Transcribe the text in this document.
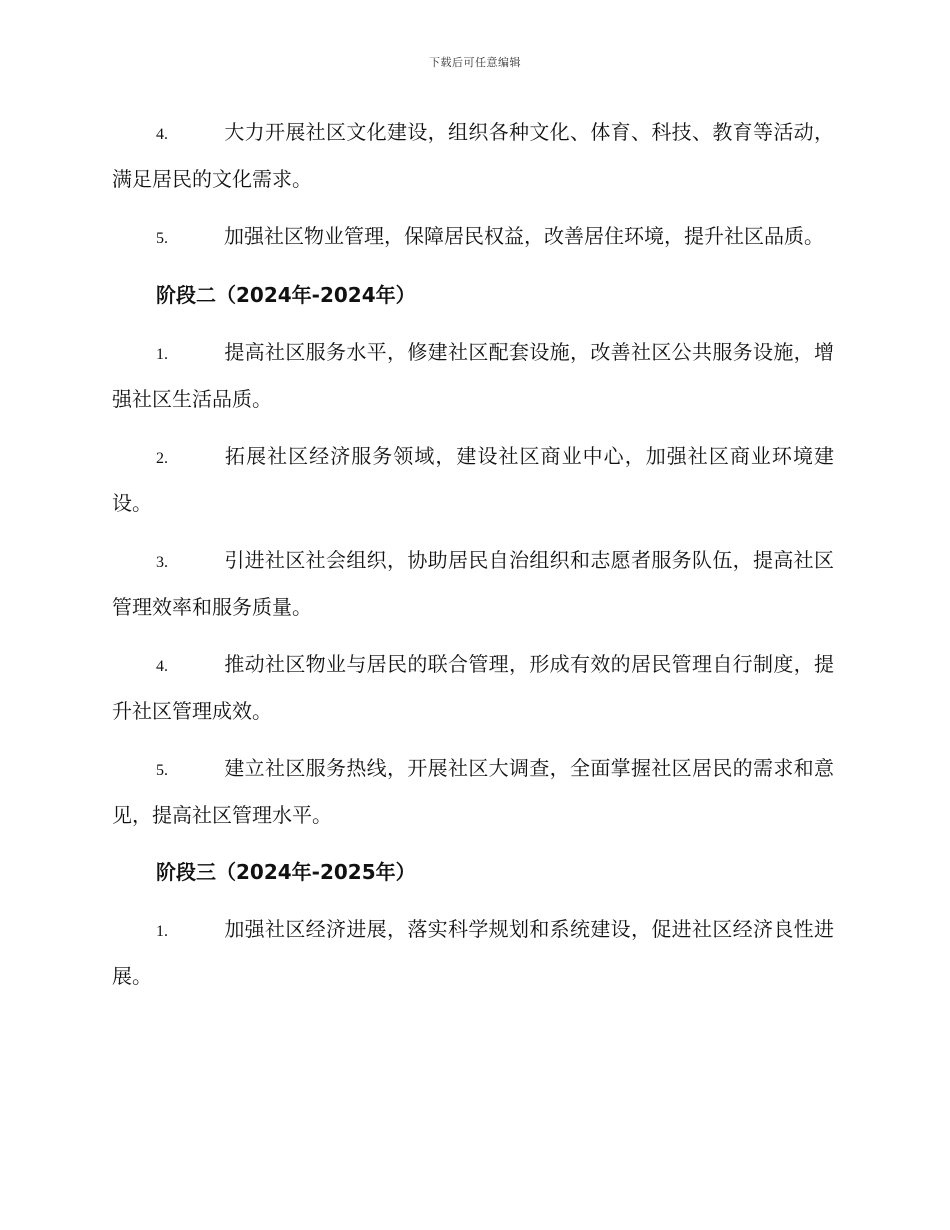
下载后可任意编辑

4.	大力开展社区文化建设，组织各种文化、体育、科技、教育等活动，满足居民的文化需求。

5.	加强社区物业管理，保障居民权益，改善居住环境，提升社区品质。

阶段二（2024年-2024年）

1.	提高社区服务水平，修建社区配套设施，改善社区公共服务设施，增强社区生活品质。

2.	拓展社区经济服务领域，建设社区商业中心，加强社区商业环境建设。

3.	引进社区社会组织，协助居民自治组织和志愿者服务队伍，提高社区管理效率和服务质量。

4.	推动社区物业与居民的联合管理，形成有效的居民管理自行制度，提升社区管理成效。

5.	建立社区服务热线，开展社区大调查，全面掌握社区居民的需求和意见，提高社区管理水平。

阶段三（2024年-2025年）

1.	加强社区经济进展，落实科学规划和系统建设，促进社区经济良性进展。
